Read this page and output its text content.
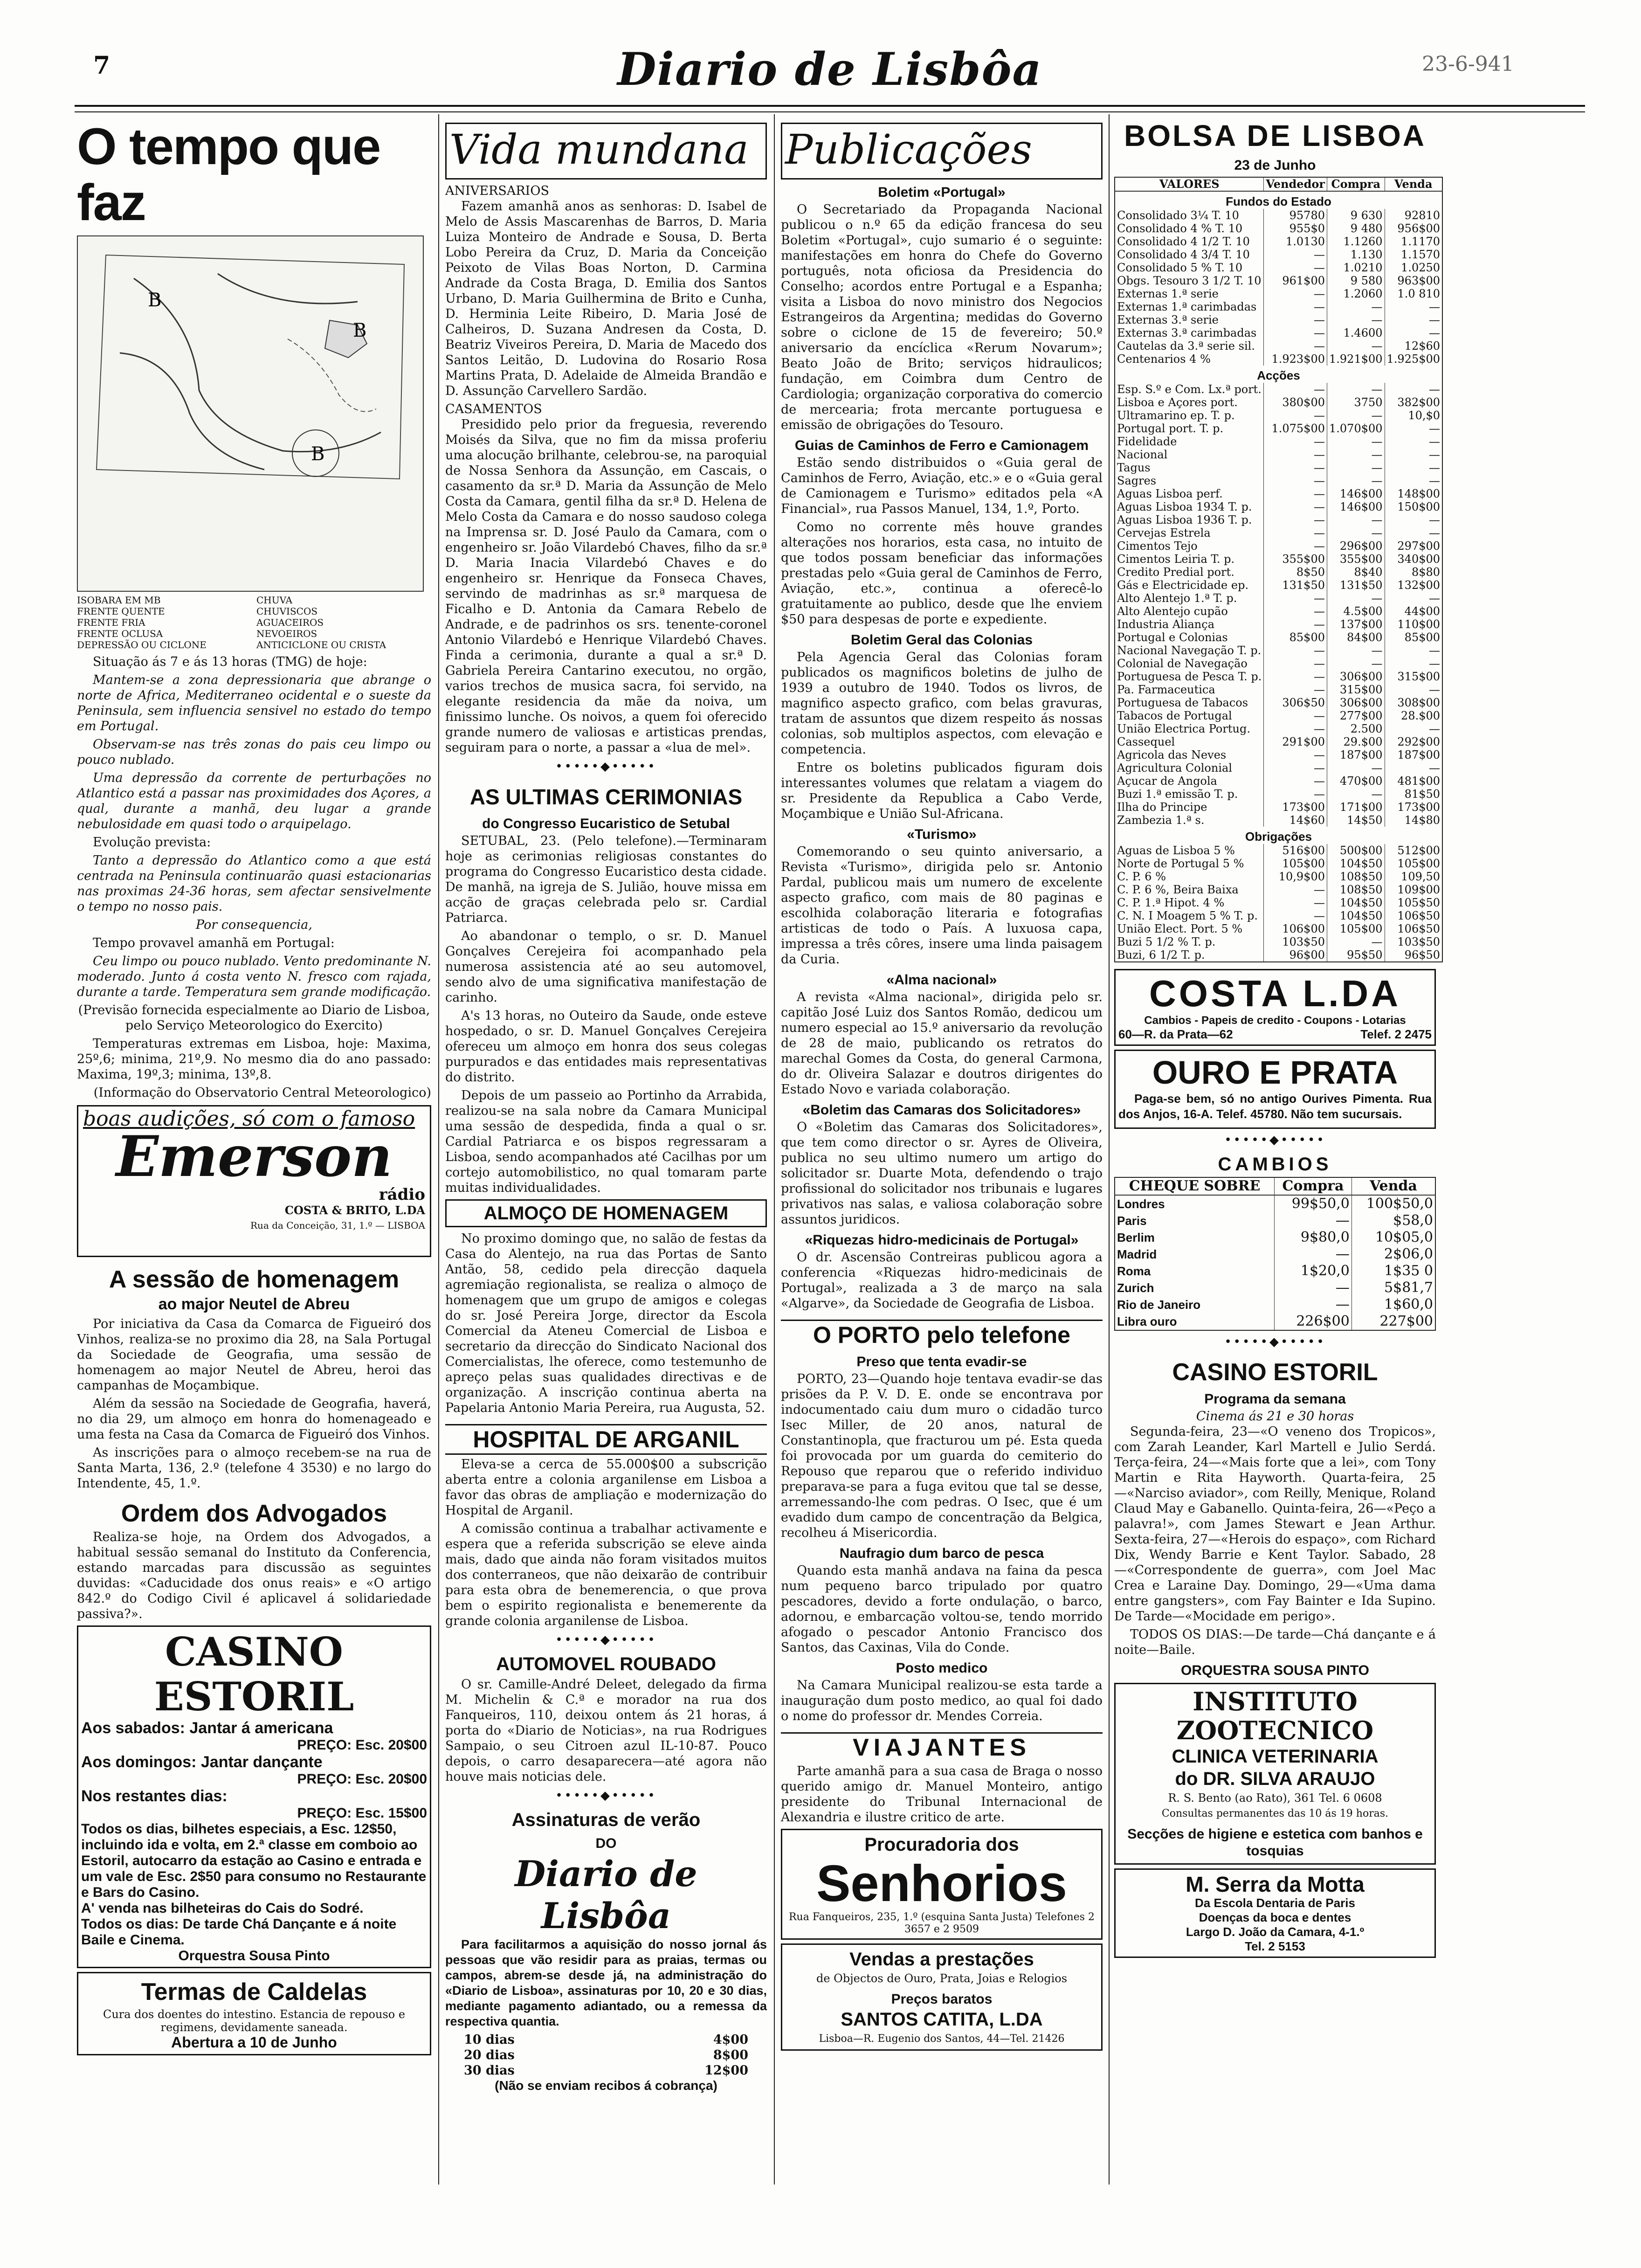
7	Diario de Lisbôa	23-6-941
O tempo que faz
B
B
B
ISOBARA EM MB
FRENTE QUENTE
FRENTE FRIA
FRENTE OCLUSA
DEPRESSÃO OU CICLONE
CHUVA
CHUVISCOS
AGUACEIROS
NEVOEIROS
ANTICICLONE OU CRISTA

Situação ás 7 e ás 13 horas (TMG) de hoje:

Mantem-se a zona depressionaria que abrange o norte de Africa, Mediterraneo ocidental e o sueste da Peninsula, sem influencia sensivel no estado do tempo em Portugal.

Observam-se nas três zonas do pais ceu limpo ou pouco nublado.

Uma depressão da corrente de perturbações no Atlantico está a passar nas proximidades dos Açores, a qual, durante a manhã, deu lugar a grande nebulosidade em quasi todo o arquipelago.

Evolução prevista:

Tanto a depressão do Atlantico como a que está centrada na Peninsula continuarão quasi estacionarias nas proximas 24-36 horas, sem afectar sensivelmente o tempo no nosso pais.

Por consequencia,

Tempo provavel amanhã em Portugal:

Ceu limpo ou pouco nublado. Vento predominante N. moderado. Junto á costa vento N. fresco com rajada, durante a tarde. Temperatura sem grande modificação.

(Previsão fornecida especialmente ao Diario de Lisboa, pelo Serviço Meteorologico do Exercito)

Temperaturas extremas em Lisboa, hoje: Maxima, 25º,6; minima, 21º,9. No mesmo dia do ano passado: Maxima, 19º,3; minima, 13º,8.

(Informação do Observatorio Central Meteorologico)

boas audições, só com o famoso
Emerson
rádio
COSTA & BRITO, L.DA
Rua da Conceição, 31, 1.º — LISBOA
A sessão de homenagem
ao major Neutel de Abreu

Por iniciativa da Casa da Comarca de Figueiró dos Vinhos, realiza-se no proximo dia 28, na Sala Portugal da Sociedade de Geografia, uma sessão de homenagem ao major Neutel de Abreu, heroi das campanhas de Moçambique.

Além da sessão na Sociedade de Geografia, haverá, no dia 29, um almoço em honra do homenageado e uma festa na Casa da Comarca de Figueiró dos Vinhos.

As inscrições para o almoço recebem-se na rua de Santa Marta, 136, 2.º (telefone 4 3530) e no largo do Intendente, 45, 1.º.

Ordem dos Advogados

Realiza-se hoje, na Ordem dos Advogados, a habitual sessão semanal do Instituto da Conferencia, estando marcadas para discussão as seguintes duvidas: «Caducidade dos onus reais» e «O artigo 842.º do Codigo Civil é aplicavel á solidariedade passiva?».

CASINO ESTORIL
Aos sabados: Jantar á americana
PREÇO: Esc. 20$00
Aos domingos: Jantar dançante
PREÇO: Esc. 20$00
Nos restantes dias:
PREÇO: Esc. 15$00
Todos os dias, bilhetes especiais, a Esc. 12$50, incluindo ida e volta, em 2.ª classe em comboio ao Estoril, autocarro da estação ao Casino e entrada e um vale de Esc. 2$50 para consumo no Restaurante e Bars do Casino.
A' venda nas bilheteiras do Cais do Sodré.
Todos os dias: De tarde Chá Dançante e á noite Baile e Cinema.
Orquestra Sousa Pinto
Termas de Caldelas
Cura dos doentes do intestino. Estancia de repouso e regimens, devidamente saneada.
Abertura a 10 de Junho
Vida mundana
ANIVERSARIOS

Fazem amanhã anos as senhoras: D. Isabel de Melo de Assis Mascarenhas de Barros, D. Maria Luiza Monteiro de Andrade e Sousa, D. Berta Lobo Pereira da Cruz, D. Maria da Conceição Peixoto de Vilas Boas Norton, D. Carmina Andrade da Costa Braga, D. Emilia dos Santos Urbano, D. Maria Guilhermina de Brito e Cunha, D. Herminia Leite Ribeiro, D. Maria José de Calheiros, D. Suzana Andresen da Costa, D. Beatriz Viveiros Pereira, D. Maria de Macedo dos Santos Leitão, D. Ludovina do Rosario Rosa Martins Prata, D. Adelaide de Almeida Brandão e D. Assunção Carvellero Sardão.

CASAMENTOS

Presidido pelo prior da freguesia, reverendo Moisés da Silva, que no fim da missa proferiu uma alocução brilhante, celebrou-se, na paroquial de Nossa Senhora da Assunção, em Cascais, o casamento da sr.ª D. Maria da Assunção de Melo Costa da Camara, gentil filha da sr.ª D. Helena de Melo Costa da Camara e do nosso saudoso colega na Imprensa sr. D. José Paulo da Camara, com o engenheiro sr. João Vilardebó Chaves, filho da sr.ª D. Maria Inacia Vilardebó Chaves e do engenheiro sr. Henrique da Fonseca Chaves, servindo de madrinhas as sr.ª marquesa de Ficalho e D. Antonia da Camara Rebelo de Andrade, e de padrinhos os srs. tenente-coronel Antonio Vilardebó e Henrique Vilardebó Chaves. Finda a cerimonia, durante a qual a sr.ª D. Gabriela Pereira Cantarino executou, no orgão, varios trechos de musica sacra, foi servido, na elegante residencia da mãe da noiva, um finissimo lunche. Os noivos, a quem foi oferecido grande numero de valiosas e artisticas prendas, seguiram para o norte, a passar a «lua de mel».

•••••◆•••••
AS ULTIMAS CERIMONIAS
do Congresso Eucaristico de Setubal

SETUBAL, 23. (Pelo telefone).—Terminaram hoje as cerimonias religiosas constantes do programa do Congresso Eucaristico desta cidade. De manhã, na igreja de S. Julião, houve missa em acção de graças celebrada pelo sr. Cardial Patriarca.

Ao abandonar o templo, o sr. D. Manuel Gonçalves Cerejeira foi acompanhado pela numerosa assistencia até ao seu automovel, sendo alvo de uma significativa manifestação de carinho.

A's 13 horas, no Outeiro da Saude, onde esteve hospedado, o sr. D. Manuel Gonçalves Cerejeira ofereceu um almoço em honra dos seus colegas purpurados e das entidades mais representativas do distrito.

Depois de um passeio ao Portinho da Arrabida, realizou-se na sala nobre da Camara Municipal uma sessão de despedida, finda a qual o sr. Cardial Patriarca e os bispos regressaram a Lisboa, sendo acompanhados até Cacilhas por um cortejo automobilistico, no qual tomaram parte muitas individualidades.

ALMOÇO DE HOMENAGEM

No proximo domingo que, no salão de festas da Casa do Alentejo, na rua das Portas de Santo Antão, 58, cedido pela direcção daquela agremiação regionalista, se realiza o almoço de homenagem que um grupo de amigos e colegas do sr. José Pereira Jorge, director da Escola Comercial da Ateneu Comercial de Lisboa e secretario da direcção do Sindicato Nacional dos Comercialistas, lhe oferece, como testemunho de apreço pelas suas qualidades directivas e de organização. A inscrição continua aberta na Papelaria Antonio Maria Pereira, rua Augusta, 52.

HOSPITAL DE ARGANIL

Eleva-se a cerca de 55.000$00 a subscrição aberta entre a colonia arganilense em Lisboa a favor das obras de ampliação e modernização do Hospital de Arganil.

A comissão continua a trabalhar activamente e espera que a referida subscrição se eleve ainda mais, dado que ainda não foram visitados muitos dos conterraneos, que não deixarão de contribuir para esta obra de benemerencia, o que prova bem o espirito regionalista e benemerente da grande colonia arganilense de Lisboa.

•••••◆•••••
AUTOMOVEL ROUBADO

O sr. Camille-André Deleet, delegado da firma M. Michelin & C.ª e morador na rua dos Fanqueiros, 110, deixou ontem ás 21 horas, á porta do «Diario de Noticias», na rua Rodrigues Sampaio, o seu Citroen azul IL-10-87. Pouco depois, o carro desaparecera—até agora não houve mais noticias dele.

•••••◆•••••
Assinaturas de verão
DO
Diario de Lisbôa

Para facilitarmos a aquisição do nosso jornal ás pessoas que vão residir para as praias, termas ou campos, abrem-se desde já, na administração do «Diario de Lisboa», assinaturas por 10, 20 e 30 dias, mediante pagamento adiantado, ou a remessa da respectiva quantia.

10 dias	4$00
20 dias	8$00
30 dias	12$00
(Não se enviam recibos á cobrança)
Publicações
Boletim «Portugal»

O Secretariado da Propaganda Nacional publicou o n.º 65 da edição francesa do seu Boletim «Portugal», cujo sumario é o seguinte: manifestações em honra do Chefe do Governo português, nota oficiosa da Presidencia do Conselho; acordos entre Portugal e a Espanha; visita a Lisboa do novo ministro dos Negocios Estrangeiros da Argentina; medidas do Governo sobre o ciclone de 15 de fevereiro; 50.º aniversario da encíclica «Rerum Novarum»; Beato João de Brito; serviços hidraulicos; fundação, em Coimbra dum Centro de Cardiologia; organização corporativa do comercio de mercearia; frota mercante portuguesa e emissão de obrigações do Tesouro.

Guias de Caminhos de Ferro e Camionagem

Estão sendo distribuidos o «Guia geral de Caminhos de Ferro, Aviação, etc.» e o «Guia geral de Camionagem e Turismo» editados pela «A Financial», rua Passos Manuel, 134, 1.º, Porto.

Como no corrente mês houve grandes alterações nos horarios, esta casa, no intuito de que todos possam beneficiar das informações prestadas pelo «Guia geral de Caminhos de Ferro, Aviação, etc.», continua a oferecê-lo gratuitamente ao publico, desde que lhe enviem $50 para despesas de porte e expediente.

Boletim Geral das Colonias

Pela Agencia Geral das Colonias foram publicados os magnificos boletins de julho de 1939 a outubro de 1940. Todos os livros, de magnifico aspecto grafico, com belas gravuras, tratam de assuntos que dizem respeito ás nossas colonias, sob multiplos aspectos, com elevação e competencia.

Entre os boletins publicados figuram dois interessantes volumes que relatam a viagem do sr. Presidente da Republica a Cabo Verde, Moçambique e União Sul-Africana.

«Turismo»

Comemorando o seu quinto aniversario, a Revista «Turismo», dirigida pelo sr. Antonio Pardal, publicou mais um numero de excelente aspecto grafico, com mais de 80 paginas e escolhida colaboração literaria e fotografias artisticas de todo o País. A luxuosa capa, impressa a três côres, insere uma linda paisagem da Curia.

«Alma nacional»

A revista «Alma nacional», dirigida pelo sr. capitão José Luiz dos Santos Romão, dedicou um numero especial ao 15.º aniversario da revolução de 28 de maio, publicando os retratos do marechal Gomes da Costa, do general Carmona, do dr. Oliveira Salazar e doutros dirigentes do Estado Novo e variada colaboração.

«Boletim das Camaras dos Solicitadores»

O «Boletim das Camaras dos Solicitadores», que tem como director o sr. Ayres de Oliveira, publica no seu ultimo numero um artigo do solicitador sr. Duarte Mota, defendendo o trajo profissional do solicitador nos tribunais e lugares privativos nas salas, e valiosa colaboração sobre assuntos juridicos.

«Riquezas hidro-medicinais de Portugal»

O dr. Ascensão Contreiras publicou agora a conferencia «Riquezas hidro-medicinais de Portugal», realizada a 3 de março na sala «Algarve», da Sociedade de Geografia de Lisboa.

O PORTO pelo telefone
Preso que tenta evadir-se

PORTO, 23—Quando hoje tentava evadir-se das prisões da P. V. D. E. onde se encontrava por indocumentado caiu dum muro o cidadão turco Isec Miller, de 20 anos, natural de Constantinopla, que fracturou um pé. Esta queda foi provocada por um guarda do cemiterio do Repouso que reparou que o referido individuo preparava-se para a fuga evitou que tal se desse, arremessando-lhe com pedras. O Isec, que é um evadido dum campo de concentração da Belgica, recolheu á Misericordia.

Naufragio dum barco de pesca

Quando esta manhã andava na faina da pesca num pequeno barco tripulado por quatro pescadores, devido a forte ondulação, o barco, adornou, e embarcação voltou-se, tendo morrido afogado o pescador Antonio Francisco dos Santos, das Caxinas, Vila do Conde.

Posto medico

Na Camara Municipal realizou-se esta tarde a inauguração dum posto medico, ao qual foi dado o nome do professor dr. Mendes Correia.

VIAJANTES

Parte amanhã para a sua casa de Braga o nosso querido amigo dr. Manuel Monteiro, antigo presidente do Tribunal Internacional de Alexandria e ilustre critico de arte.

Procuradoria dos
Senhorios
Rua Fanqueiros, 235, 1.º (esquina Santa Justa) Telefones 2 3657 e 2 9509
Vendas a prestações
de Objectos de Ouro, Prata, Joias e Relogios
Preços baratos
SANTOS CATITA, L.DA
Lisboa—R. Eugenio dos Santos, 44—Tel. 21426
BOLSA DE LISBOA
23 de Junho
VALORES	Vendedor	Compra	Venda
Fundos do Estado			
Consolidado 3¼ T. 10	95780	9 630	92810
Consolidado 4 % T. 10	955$0	9 480	956$00
Consolidado 4 1/2 T. 10	1.0130	1.1260	1.1170
Consolidado 4 3/4 T. 10	—	1.130	1.1570
Consolidado 5 % T. 10	—	1.0210	1.0250
Obgs. Tesouro 3 1/2 T. 10	961$00	9 580	963$00
Externas 1.ª serie	—	1.2060	1.0 810
Externas 1.ª carimbadas	—	—	—
Externas 3.ª serie	—	—	—
Externas 3.ª carimbadas	—	1.4600	—
Cautelas da 3.ª serie sil.	—	—	12$60
Centenarios 4 %	1.923$00	1.921$00	1.925$00
Acções			
Esp. S.º e Com. Lx.ª port.	—	—	—
Lisboa e Açores port.	380$00	3750	382$00
Ultramarino ep. T. p.	—	—	10,$0
Portugal port. T. p.	1.075$00	1.070$00	—
Fidelidade	—	—	—
Nacional	—	—	—
Tagus	—	—	—
Sagres	—	—	—
Aguas Lisboa perf.	—	146$00	148$00
Aguas Lisboa 1934 T. p.	—	146$00	150$00
Aguas Lisboa 1936 T. p.	—	—	—
Cervejas Estrela	—	—	—
Cimentos Tejo	—	296$00	297$00
Cimentos Leiria T. p.	355$00	355$00	340$00
Credito Predial port.	8$50	8$40	8$80
Gás e Electricidade ep.	131$50	131$50	132$00
Alto Alentejo 1.ª T. p.	—	—	—
Alto Alentejo cupão	—	4.5$00	44$00
Industria Aliança	—	137$00	110$00
Portugal e Colonias	85$00	84$00	85$00
Nacional Navegação T. p.	—	—	—
Colonial de Navegação	—	—	—
Portuguesa de Pesca T. p.	—	306$00	315$00
Pa. Farmaceutica	—	315$00	—
Portuguesa de Tabacos	306$50	306$00	308$00
Tabacos de Portugal	—	277$00	28.$00
União Electrica Portug.	—	2.500	—
Cassequel	291$00	29.$00	292$00
Agricola das Neves	—	187$00	187$00
Agricultura Colonial	—	—	—
Açucar de Angola	—	470$00	481$00
Buzi 1.ª emissão T. p.	—	—	81$50
Ilha do Principe	173$00	171$00	173$00
Zambezia 1.ª s.	14$60	14$50	14$80
Obrigações			
Aguas de Lisboa 5 %	516$00	500$00	512$00
Norte de Portugal 5 %	105$00	104$50	105$00
C. P. 6 %	10,9$00	108$50	109,50
C. P. 6 %, Beira Baixa	—	108$50	109$00
C. P. 1.ª Hipot. 4 %	—	104$50	105$50
C. N. I Moagem 5 % T. p.	—	104$50	106$50
União Elect. Port. 5 %	106$00	105$00	106$50
Buzi 5 1/2 % T. p.	103$50	—	103$50
Buzi, 6 1/2 T. p.	96$00	95$50	96$50
COSTA L.DA
Cambios - Papeis de credito - Coupons - Lotarias
60—R. da Prata—62	Telef. 2 2475
OURO E PRATA

Paga-se bem, só no antigo Ourives Pimenta. Rua dos Anjos, 16-A. Telef. 45780. Não tem sucursais.

•••••◆•••••
CAMBIOS
CHEQUE SOBRE	Compra	Venda
Londres	99$50,0	100$50,0
Paris	—	$58,0
Berlim	9$80,0	10$05,0
Madrid	—	2$06,0
Roma	1$20,0	1$35 0
Zurich	—	5$81,7
Rio de Janeiro	—	1$60,0
Libra ouro	226$00	227$00
•••••◆•••••
CASINO ESTORIL
Programa da semana
Cinema ás 21 e 30 horas

Segunda-feira, 23—«O veneno dos Tropicos», com Zarah Leander, Karl Martell e Julio Serdá. Terça-feira, 24—«Mais forte que a lei», com Tony Martin e Rita Hayworth. Quarta-feira, 25—«Narciso aviador», com Reilly, Menique, Roland Claud May e Gabanello. Quinta-feira, 26—«Peço a palavra!», com James Stewart e Jean Arthur. Sexta-feira, 27—«Herois do espaço», com Richard Dix, Wendy Barrie e Kent Taylor. Sabado, 28—«Correspondente de guerra», com Joel Mac Crea e Laraine Day. Domingo, 29—«Uma dama entre gangsters», com Fay Bainter e Ida Supino. De Tarde—«Mocidade em perigo».

TODOS OS DIAS:—De tarde—Chá dançante e á noite—Baile.

ORQUESTRA SOUSA PINTO
INSTITUTO ZOOTECNICO
CLINICA VETERINARIA
do DR. SILVA ARAUJO
R. S. Bento (ao Rato), 361 Tel. 6 0608
Consultas permanentes das 10 ás 19 horas.
Secções de higiene e estetica com banhos e tosquias
M. Serra da Motta
Da Escola Dentaria de Paris
Doenças da boca e dentes
Largo D. João da Camara, 4-1.º
Tel. 2 5153
